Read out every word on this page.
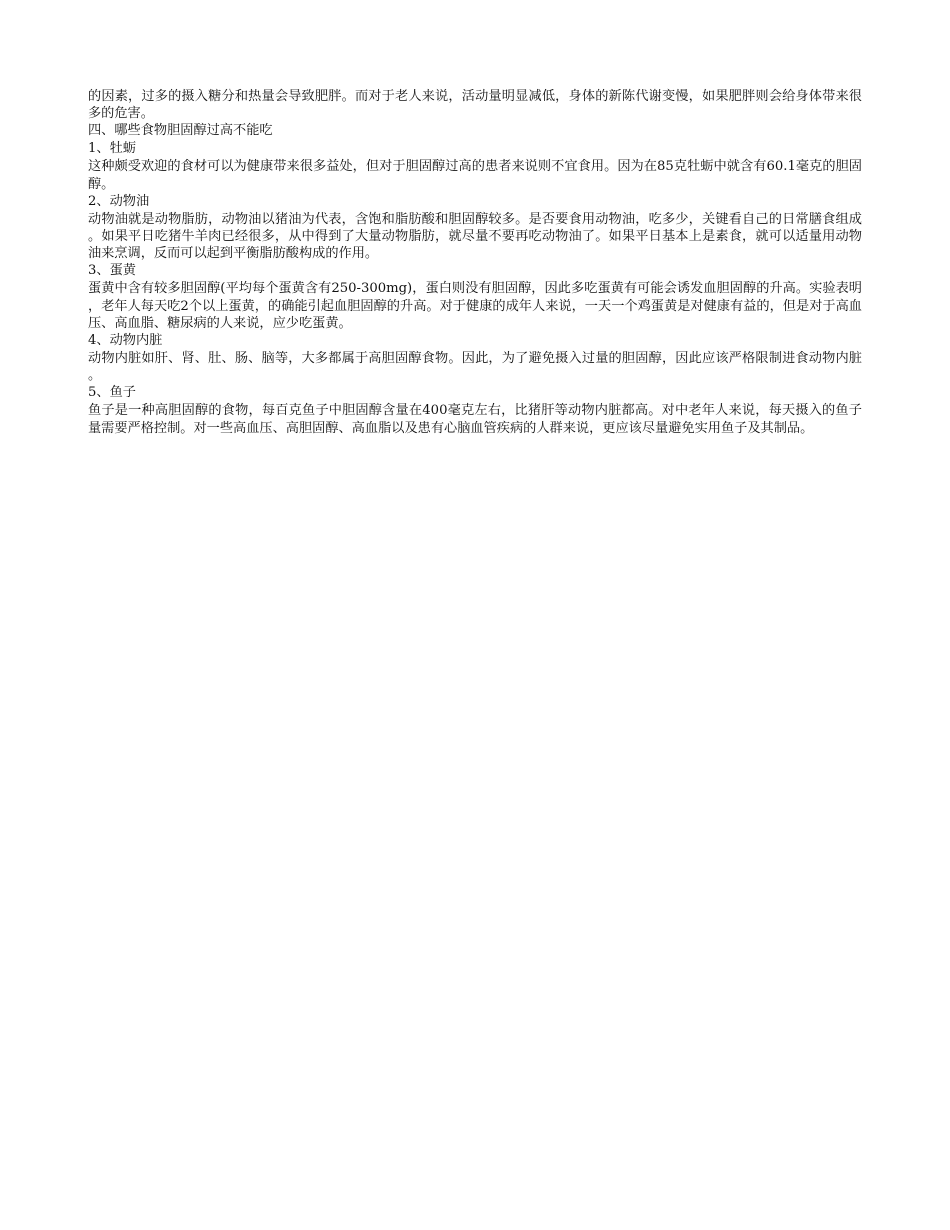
的因素，过多的摄入糖分和热量会导致肥胖。而对于老人来说，活动量明显减低，身体的新陈代谢变慢，如果肥胖则会给身体带来很多的危害。

四、哪些食物胆固醇过高不能吃

1、牡蛎

这种颇受欢迎的食材可以为健康带来很多益处，但对于胆固醇过高的患者来说则不宜食用。因为在85克牡蛎中就含有60.1毫克的胆固醇。

2、动物油

动物油就是动物脂肪，动物油以猪油为代表，含饱和脂肪酸和胆固醇较多。是否要食用动物油，吃多少，关键看自己的日常膳食组成。如果平日吃猪牛羊肉已经很多，从中得到了大量动物脂肪，就尽量不要再吃动物油了。如果平日基本上是素食，就可以适量用动物油来烹调，反而可以起到平衡脂肪酸构成的作用。

3、蛋黄

蛋黄中含有较多胆固醇(平均每个蛋黄含有250-300mg)，蛋白则没有胆固醇，因此多吃蛋黄有可能会诱发血胆固醇的升高。实验表明，老年人每天吃2个以上蛋黄，的确能引起血胆固醇的升高。对于健康的成年人来说，一天一个鸡蛋黄是对健康有益的，但是对于高血压、高血脂、糖尿病的人来说，应少吃蛋黄。

4、动物内脏

动物内脏如肝、肾、肚、肠、脑等，大多都属于高胆固醇食物。因此，为了避免摄入过量的胆固醇，因此应该严格限制进食动物内脏。

5、鱼子

鱼子是一种高胆固醇的食物，每百克鱼子中胆固醇含量在400毫克左右，比猪肝等动物内脏都高。对中老年人来说，每天摄入的鱼子量需要严格控制。对一些高血压、高胆固醇、高血脂以及患有心脑血管疾病的人群来说，更应该尽量避免实用鱼子及其制品。
